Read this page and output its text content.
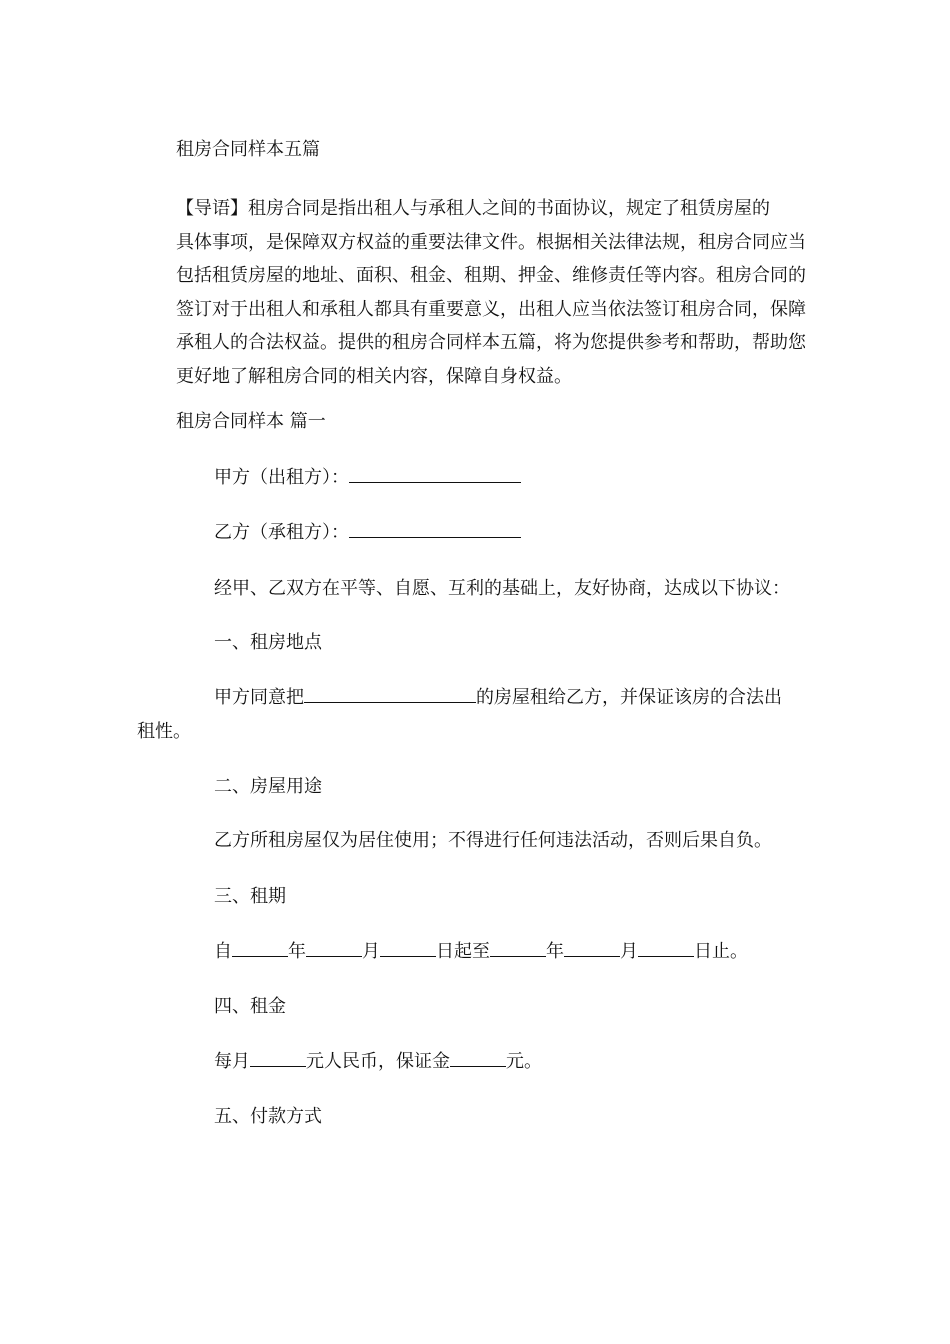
租房合同样本五篇
【导语】租房合同是指出租人与承租人之间的书面协议，规定了租赁房屋的
具体事项，是保障双方权益的重要法律文件。根据相关法律法规，租房合同应当
包括租赁房屋的地址、面积、租金、租期、押金、维修责任等内容。租房合同的
签订对于出租人和承租人都具有重要意义，出租人应当依法签订租房合同，保障
承租人的合法权益。提供的租房合同样本五篇，将为您提供参考和帮助，帮助您
更好地了解租房合同的相关内容，保障自身权益。
租房合同样本 篇一
甲方（出租方）：
乙方（承租方）：
经甲、乙双方在平等、自愿、互利的基础上，友好协商，达成以下协议：
一、租房地点
甲方同意把	的房屋租给乙方，并保证该房的合法出
租性。
二、房屋用途
乙方所租房屋仅为居住使用；不得进行任何违法活动，否则后果自负。
三、租期
自	年	月	日起至	年	月	日止。
四、租金
每月	元人民币，保证金	元。
五、付款方式
